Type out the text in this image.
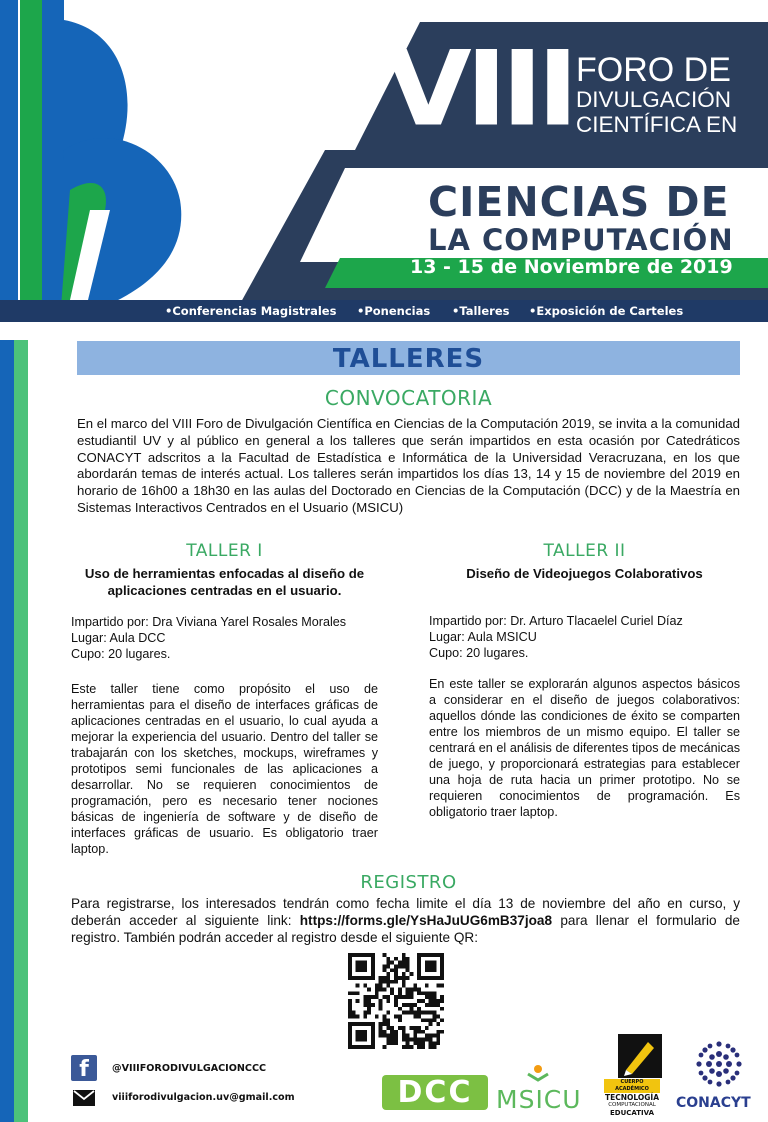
VIII FORO DE
DIVULGACIÓN
CIENTÍFICA EN
CIENCIAS DE
LA COMPUTACIÓN
13 - 15 de Noviembre de 2019
•Conferencias Magistrales •Ponencias •Talleres •Exposición de Carteles
TALLERES
CONVOCATORIA
En el marco del VIII Foro de Divulgación Científica en Ciencias de la Computación 2019, se invita a la comunidad estudiantil UV y al público en general a los talleres que serán impartidos en esta ocasión por Catedráticos CONACYT adscritos a la Facultad de Estadística e Informática de la Universidad Veracruzana, en los que abordarán temas de interés actual. Los talleres serán impartidos los días 13, 14 y 15 de noviembre del 2019 en horario de 16h00 a 18h30 en las aulas del Doctorado en Ciencias de la Computación (DCC) y de la Maestría en Sistemas Interactivos Centrados en el Usuario (MSICU)
TALLER I
Uso de herramientas enfocadas al diseño de aplicaciones centradas en el usuario.
Impartido por: Dra Viviana Yarel Rosales Morales
Lugar: Aula DCC
Cupo: 20 lugares.
Este taller tiene como propósito el uso de herramientas para el diseño de interfaces gráficas de aplicaciones centradas en el usuario, lo cual ayuda a mejorar la experiencia del usuario. Dentro del taller se trabajarán con los sketches, mockups, wireframes y prototipos semi funcionales de las aplicaciones a desarrollar. No se requieren conocimientos de programación, pero es necesario tener nociones básicas de ingeniería de software y de diseño de interfaces gráficas de usuario. Es obligatorio traer laptop.
TALLER II
Diseño de Videojuegos Colaborativos
Impartido por: Dr. Arturo Tlacaelel Curiel Díaz
Lugar: Aula MSICU
Cupo: 20 lugares.
En este taller se explorarán algunos aspectos básicos a considerar en el diseño de juegos colaborativos: aquellos dónde las condiciones de éxito se comparten entre los miembros de un mismo equipo. El taller se centrará en el análisis de diferentes tipos de mecánicas de juego, y proporcionará estrategias para establecer una hoja de ruta hacia un primer prototipo. No se requieren conocimientos de programación. Es obligatorio traer laptop.
REGISTRO
Para registrarse, los interesados tendrán como fecha limite el día 13 de noviembre del año en curso, y deberán acceder al siguiente link: https://forms.gle/YsHaJuUG6mB37joa8 para llenar el formulario de registro. También podrán acceder al registro desde el siguiente QR:
f	@VIIIFORODIVULGACIONCCC
viiiforodivulgacion.uv@gmail.com	DCC MSICU
CUERPO ACADÉMICO
TECNOLOGÍA
COMPUTACIONAL
EDUCATIVA
CONACYT
